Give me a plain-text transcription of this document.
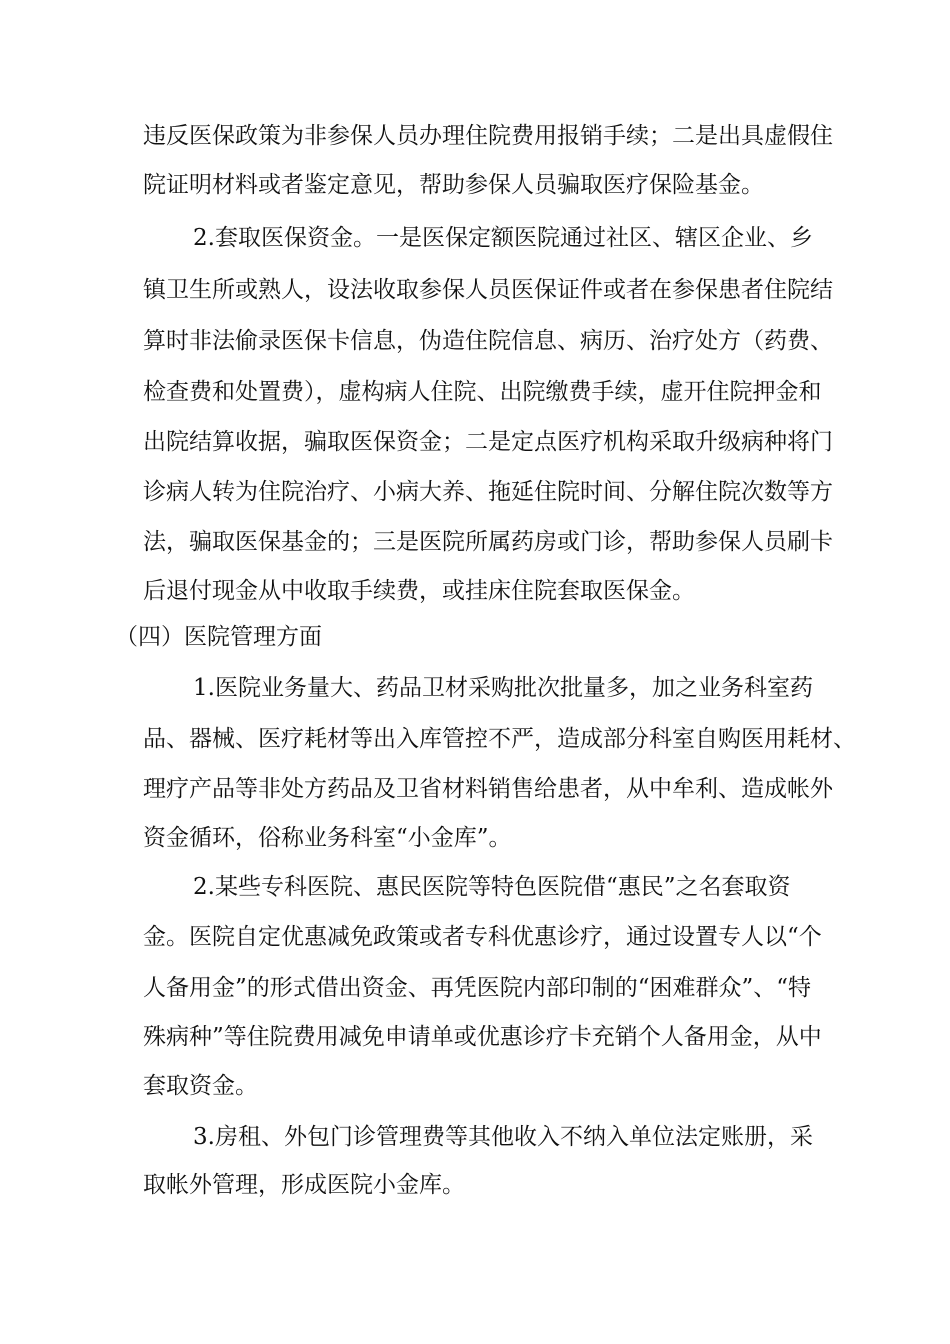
违反医保政策为非参保人员办理住院费用报销手续；二是出具虚假住
院证明材料或者鉴定意见，帮助参保人员骗取医疗保险基金。
2.套取医保资金。一是医保定额医院通过社区、辖区企业、乡
镇卫生所或熟人，设法收取参保人员医保证件或者在参保患者住院结
算时非法偷录医保卡信息，伪造住院信息、病历、治疗处方（药费、
检查费和处置费），虚构病人住院、出院缴费手续，虚开住院押金和
出院结算收据，骗取医保资金；二是定点医疗机构采取升级病种将门
诊病人转为住院治疗、小病大养、拖延住院时间、分解住院次数等方
法，骗取医保基金的；三是医院所属药房或门诊，帮助参保人员刷卡
后退付现金从中收取手续费，或挂床住院套取医保金。
（四）医院管理方面
1.医院业务量大、药品卫材采购批次批量多，加之业务科室药
品、器械、医疗耗材等出入库管控不严，造成部分科室自购医用耗材、
理疗产品等非处方药品及卫省材料销售给患者，从中牟利、造成帐外
资金循环，俗称业务科室“小金库”。
2.某些专科医院、惠民医院等特色医院借“惠民”之名套取资
金。医院自定优惠减免政策或者专科优惠诊疗，通过设置专人以“个
人备用金”的形式借出资金、再凭医院内部印制的“困难群众”、“特
殊病种”等住院费用减免申请单或优惠诊疗卡充销个人备用金，从中
套取资金。
3.房租、外包门诊管理费等其他收入不纳入单位法定账册，采
取帐外管理，形成医院小金库。
